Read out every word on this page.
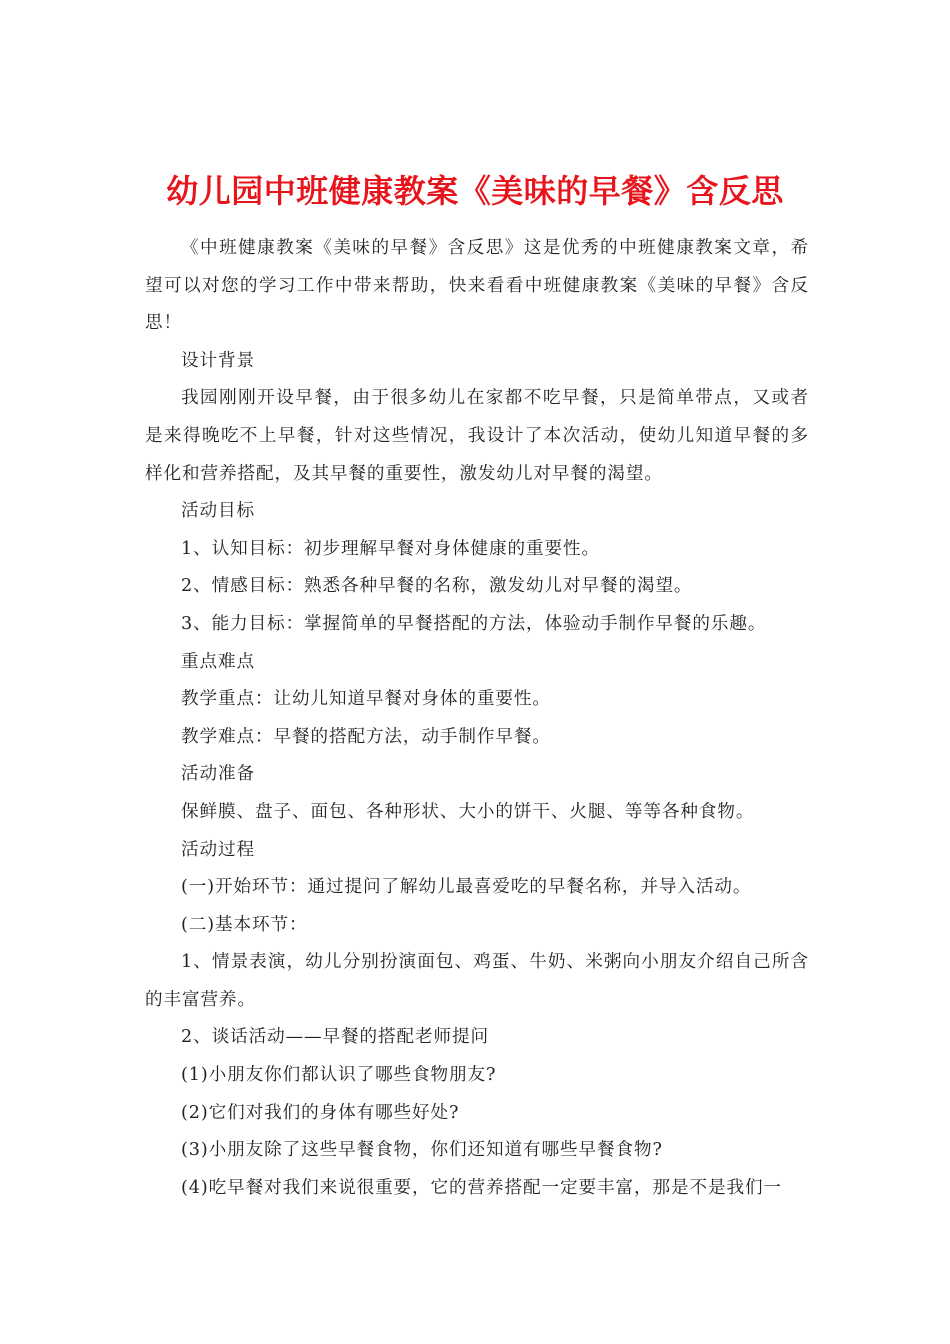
幼儿园中班健康教案《美味的早餐》含反思

《中班健康教案《美味的早餐》含反思》这是优秀的中班健康教案文章，希望可以对您的学习工作中带来帮助，快来看看中班健康教案《美味的早餐》含反思！

设计背景

我园刚刚开设早餐，由于很多幼儿在家都不吃早餐，只是简单带点，又或者是来得晚吃不上早餐，针对这些情况，我设计了本次活动，使幼儿知道早餐的多样化和营养搭配，及其早餐的重要性，激发幼儿对早餐的渴望。

活动目标

1、认知目标：初步理解早餐对身体健康的重要性。

2、情感目标：熟悉各种早餐的名称，激发幼儿对早餐的渴望。

3、能力目标：掌握简单的早餐搭配的方法，体验动手制作早餐的乐趣。

重点难点

教学重点：让幼儿知道早餐对身体的重要性。

教学难点：早餐的搭配方法，动手制作早餐。

活动准备

保鲜膜、盘子、面包、各种形状、大小的饼干、火腿、等等各种食物。

活动过程

(一)开始环节：通过提问了解幼儿最喜爱吃的早餐名称，并导入活动。

(二)基本环节：

1、情景表演，幼儿分别扮演面包、鸡蛋、牛奶、米粥向小朋友介绍自己所含的丰富营养。

2、谈话活动——早餐的搭配老师提问

(1)小朋友你们都认识了哪些食物朋友?

(2)它们对我们的身体有哪些好处?

(3)小朋友除了这些早餐食物，你们还知道有哪些早餐食物?

(4)吃早餐对我们来说很重要，它的营养搭配一定要丰富，那是不是我们一
